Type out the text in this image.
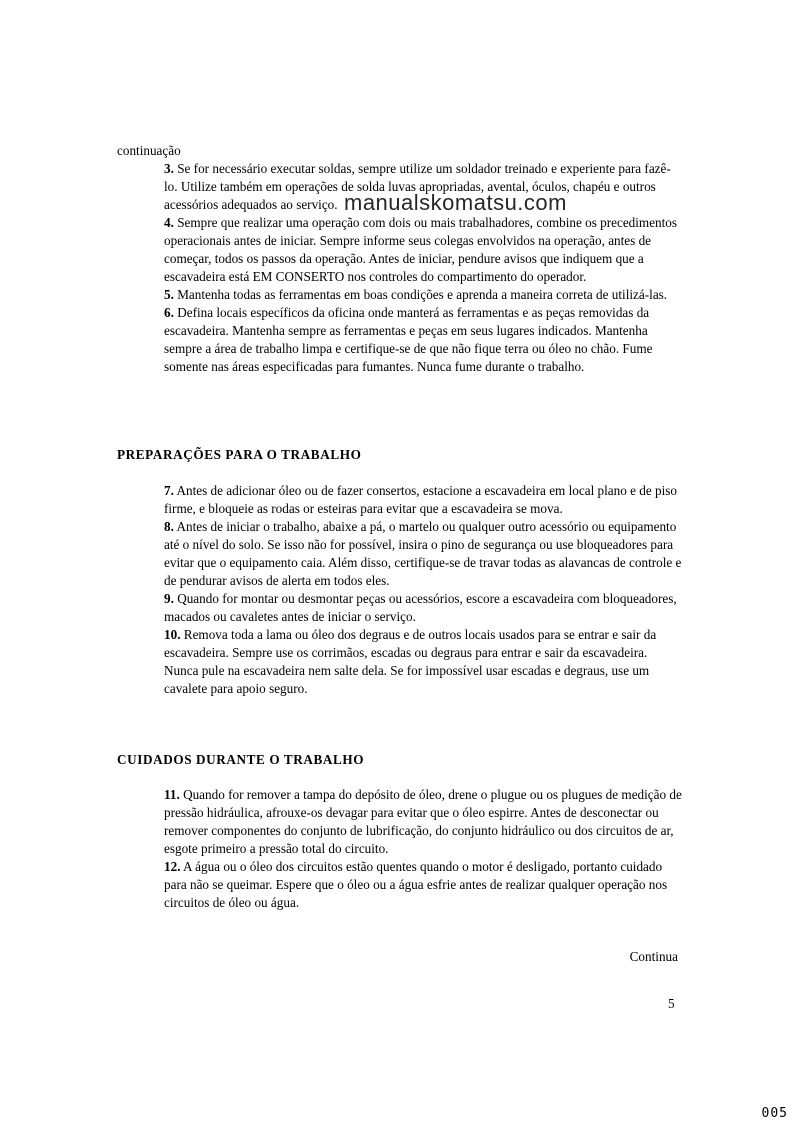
continuação
manualskomatsu.com

3. Se for necessário executar soldas, sempre utilize um soldador treinado e experiente para fazê-lo. Utilize também em operações de solda luvas apropriadas, avental, óculos, chapéu e outros acessórios adequados ao serviço.

4. Sempre que realizar uma operação com dois ou mais trabalhadores, combine os precedimentos operacionais antes de iniciar. Sempre informe seus colegas envolvidos na operação, antes de começar, todos os passos da operação. Antes de iniciar, pendure avisos que indiquem que a escavadeira está EM CONSERTO nos controles do compartimento do operador.

5. Mantenha todas as ferramentas em boas condições e aprenda a maneira correta de utilizá-las.

6. Defina locais específicos da oficina onde manterá as ferramentas e as peças removidas da escavadeira. Mantenha sempre as ferramentas e peças em seus lugares indicados. Mantenha sempre a área de trabalho limpa e certifique-se de que não fique terra ou óleo no chão. Fume somente nas áreas especificadas para fumantes. Nunca fume durante o trabalho.

PREPARAÇÕES PARA O TRABALHO

7. Antes de adicionar óleo ou de fazer consertos, estacione a escavadeira em local plano e de piso firme, e bloqueie as rodas or esteiras para evitar que a escavadeira se mova.

8. Antes de iniciar o trabalho, abaixe a pá, o martelo ou qualquer outro acessório ou equipamento até o nível do solo. Se isso não for possível, insira o pino de segurança ou use bloqueadores para evitar que o equipamento caia. Além disso, certifique-se de travar todas as alavancas de controle e de pendurar avisos de alerta em todos eles.

9. Quando for montar ou desmontar peças ou acessórios, escore a escavadeira com bloqueadores, macados ou cavaletes antes de iniciar o serviço.

10. Remova toda a lama ou óleo dos degraus e de outros locais usados para se entrar e sair da escavadeira. Sempre use os corrimãos, escadas ou degraus para entrar e sair da escavadeira. Nunca pule na escavadeira nem salte dela. Se for impossível usar escadas e degraus, use um cavalete para apoio seguro.

CUIDADOS DURANTE O TRABALHO

11. Quando for remover a tampa do depósito de óleo, drene o plugue ou os plugues de medição de pressão hidráulica, afrouxe-os devagar para evitar que o óleo espirre. Antes de desconectar ou remover componentes do conjunto de lubrificação, do conjunto hidráulico ou dos circuitos de ar, esgote primeiro a pressão total do circuito.

12. A água ou o óleo dos circuitos estão quentes quando o motor é desligado, portanto cuidado para não se queimar. Espere que o óleo ou a água esfrie antes de realizar qualquer operação nos circuitos de óleo ou água.

Continua
5
005
